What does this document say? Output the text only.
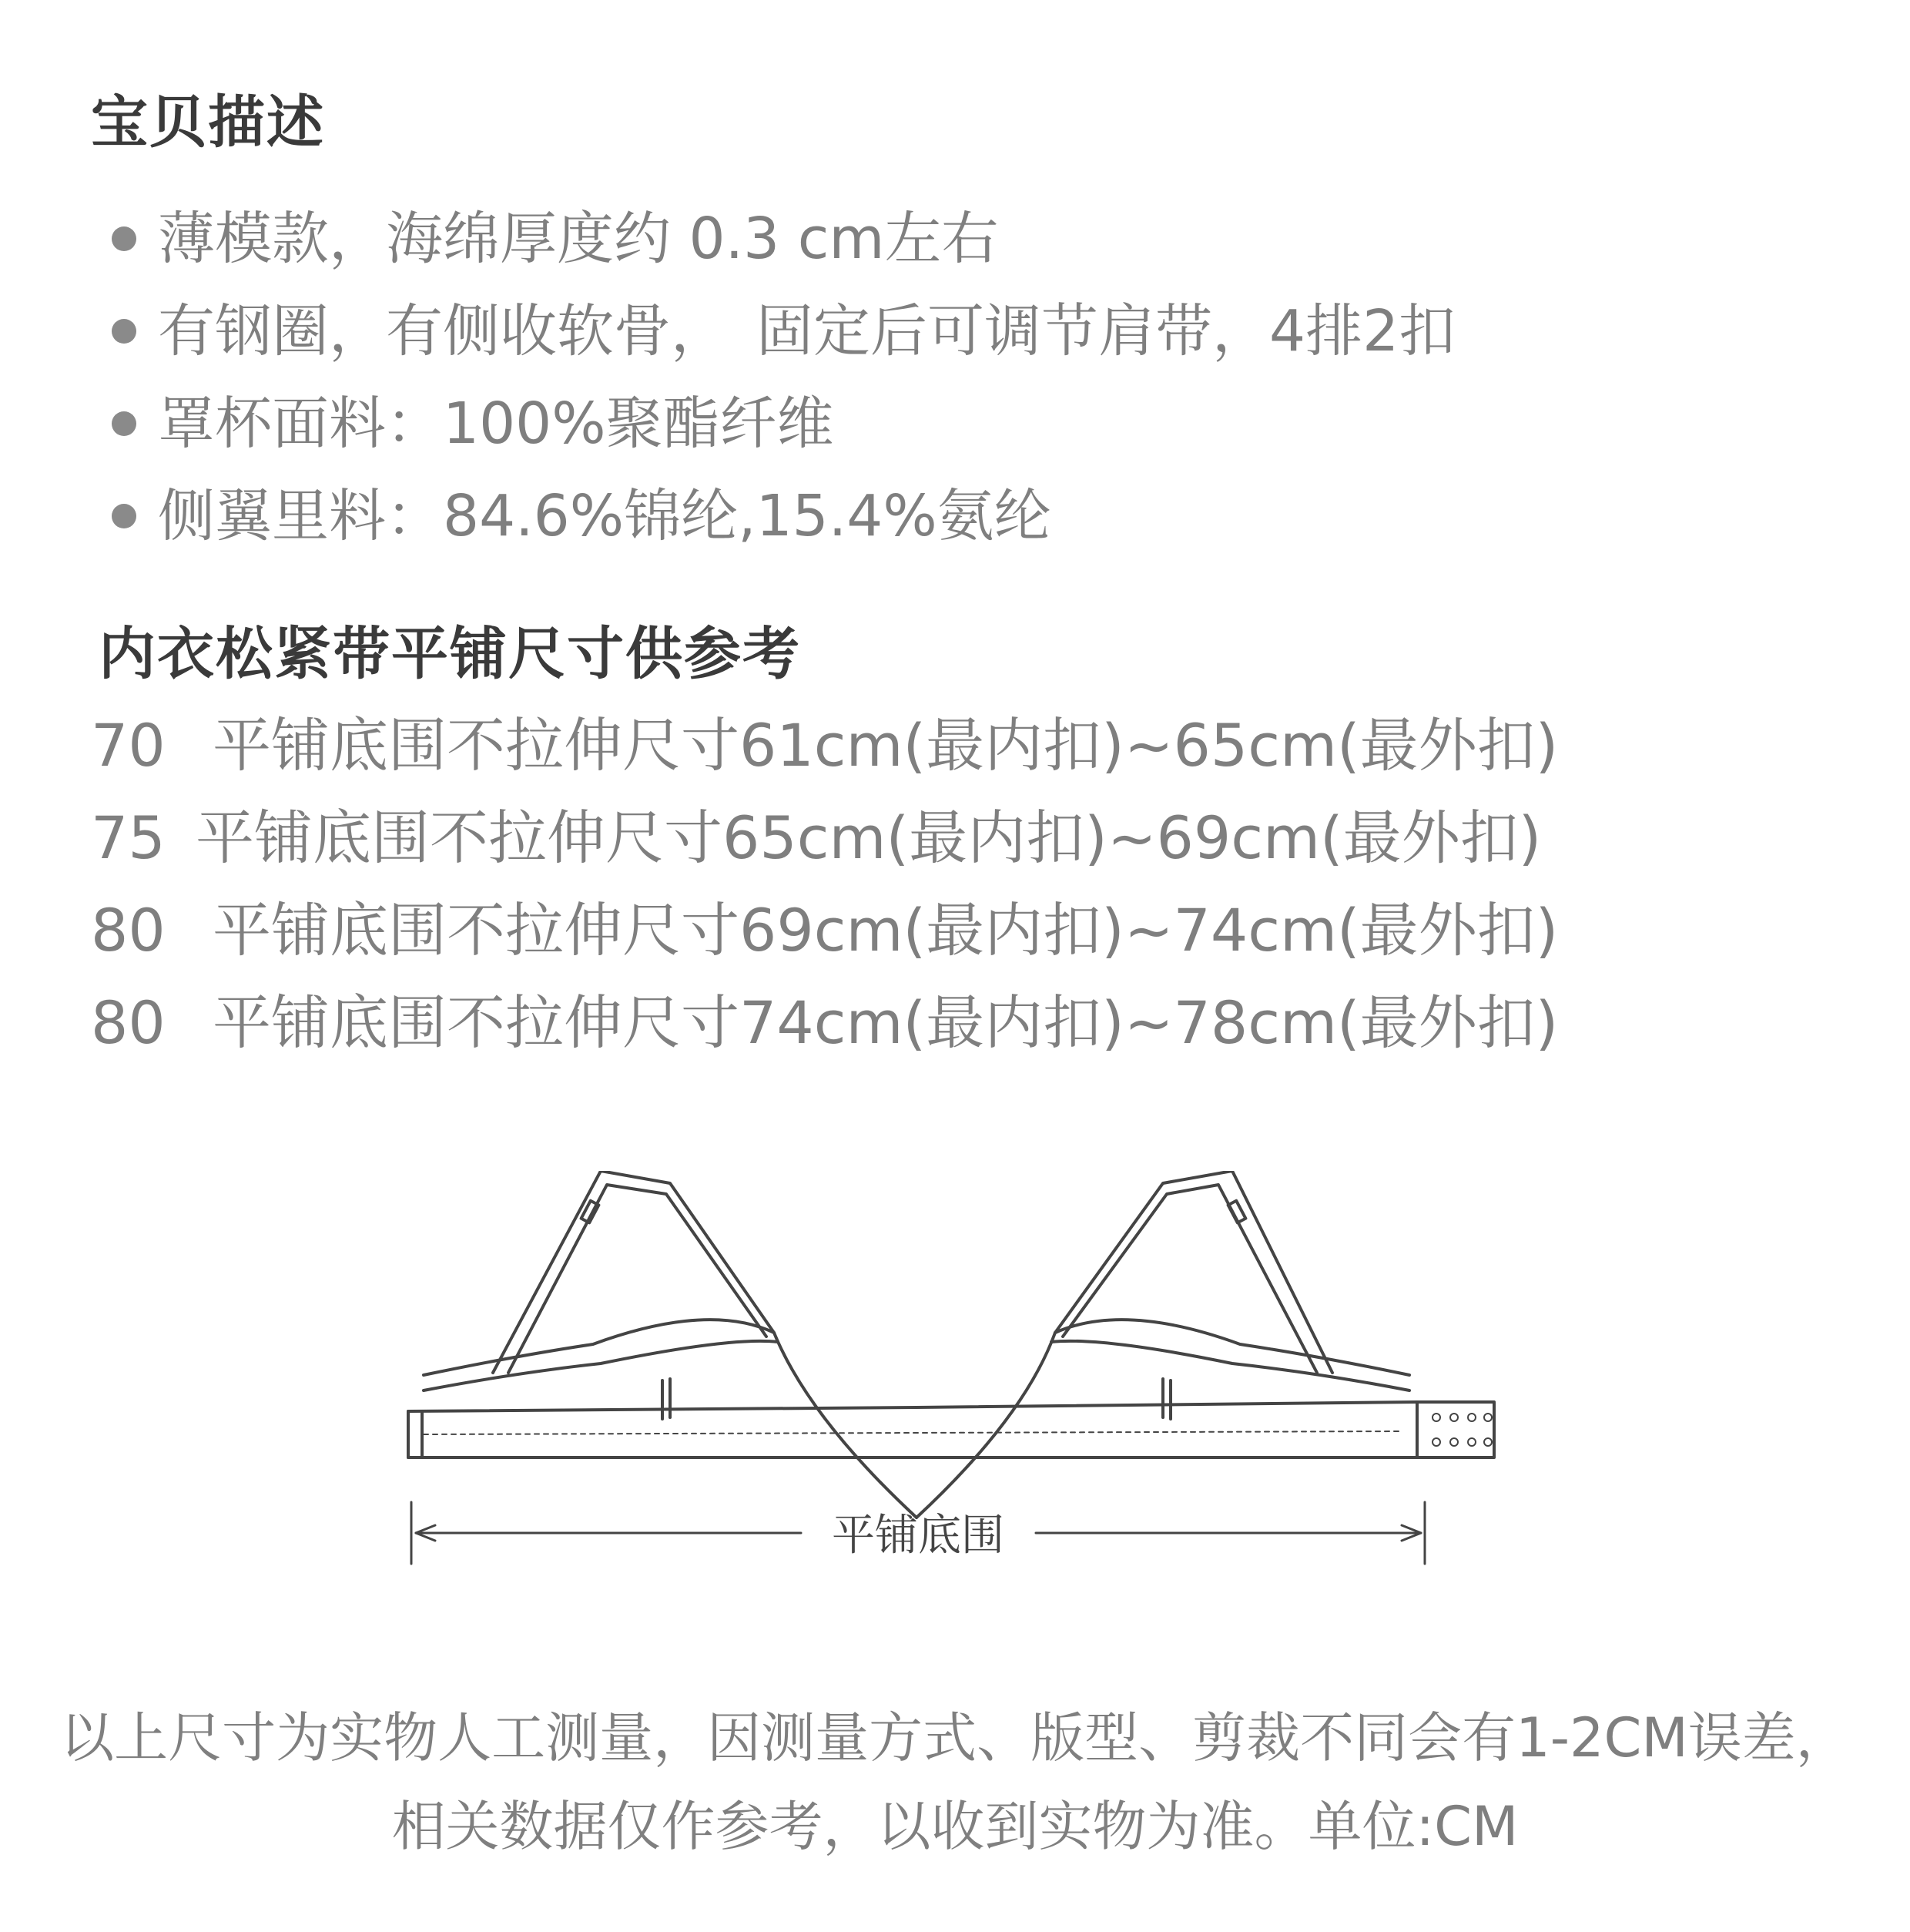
宝贝描述
薄模款，海绵厚度约 0.3 cm左右
有钢圈，有侧收软骨，　固定后可调节肩带，4排2扣
罩杯面料：100%聚酯纤维
侧翼里料：84.6%锦纶,15.4%氨纶
内衣松紧带平铺尺寸供参考
70 平铺底围不拉伸尺寸61cm(最内扣)~65cm(最外扣)
75 平铺底围不拉伸尺寸65cm(最内扣)~69cm(最外扣)
80 平铺底围不拉伸尺寸69cm(最内扣)~74cm(最外扣)
80 平铺底围不拉伸尺寸74cm(最内扣)~78cm(最外扣)
平铺底围
以上尺寸为实物人工测量，因测量方式、版型、剪裁不同会有1-2CM误差，
相关数据仅作参考，以收到实物为准。单位:CM
